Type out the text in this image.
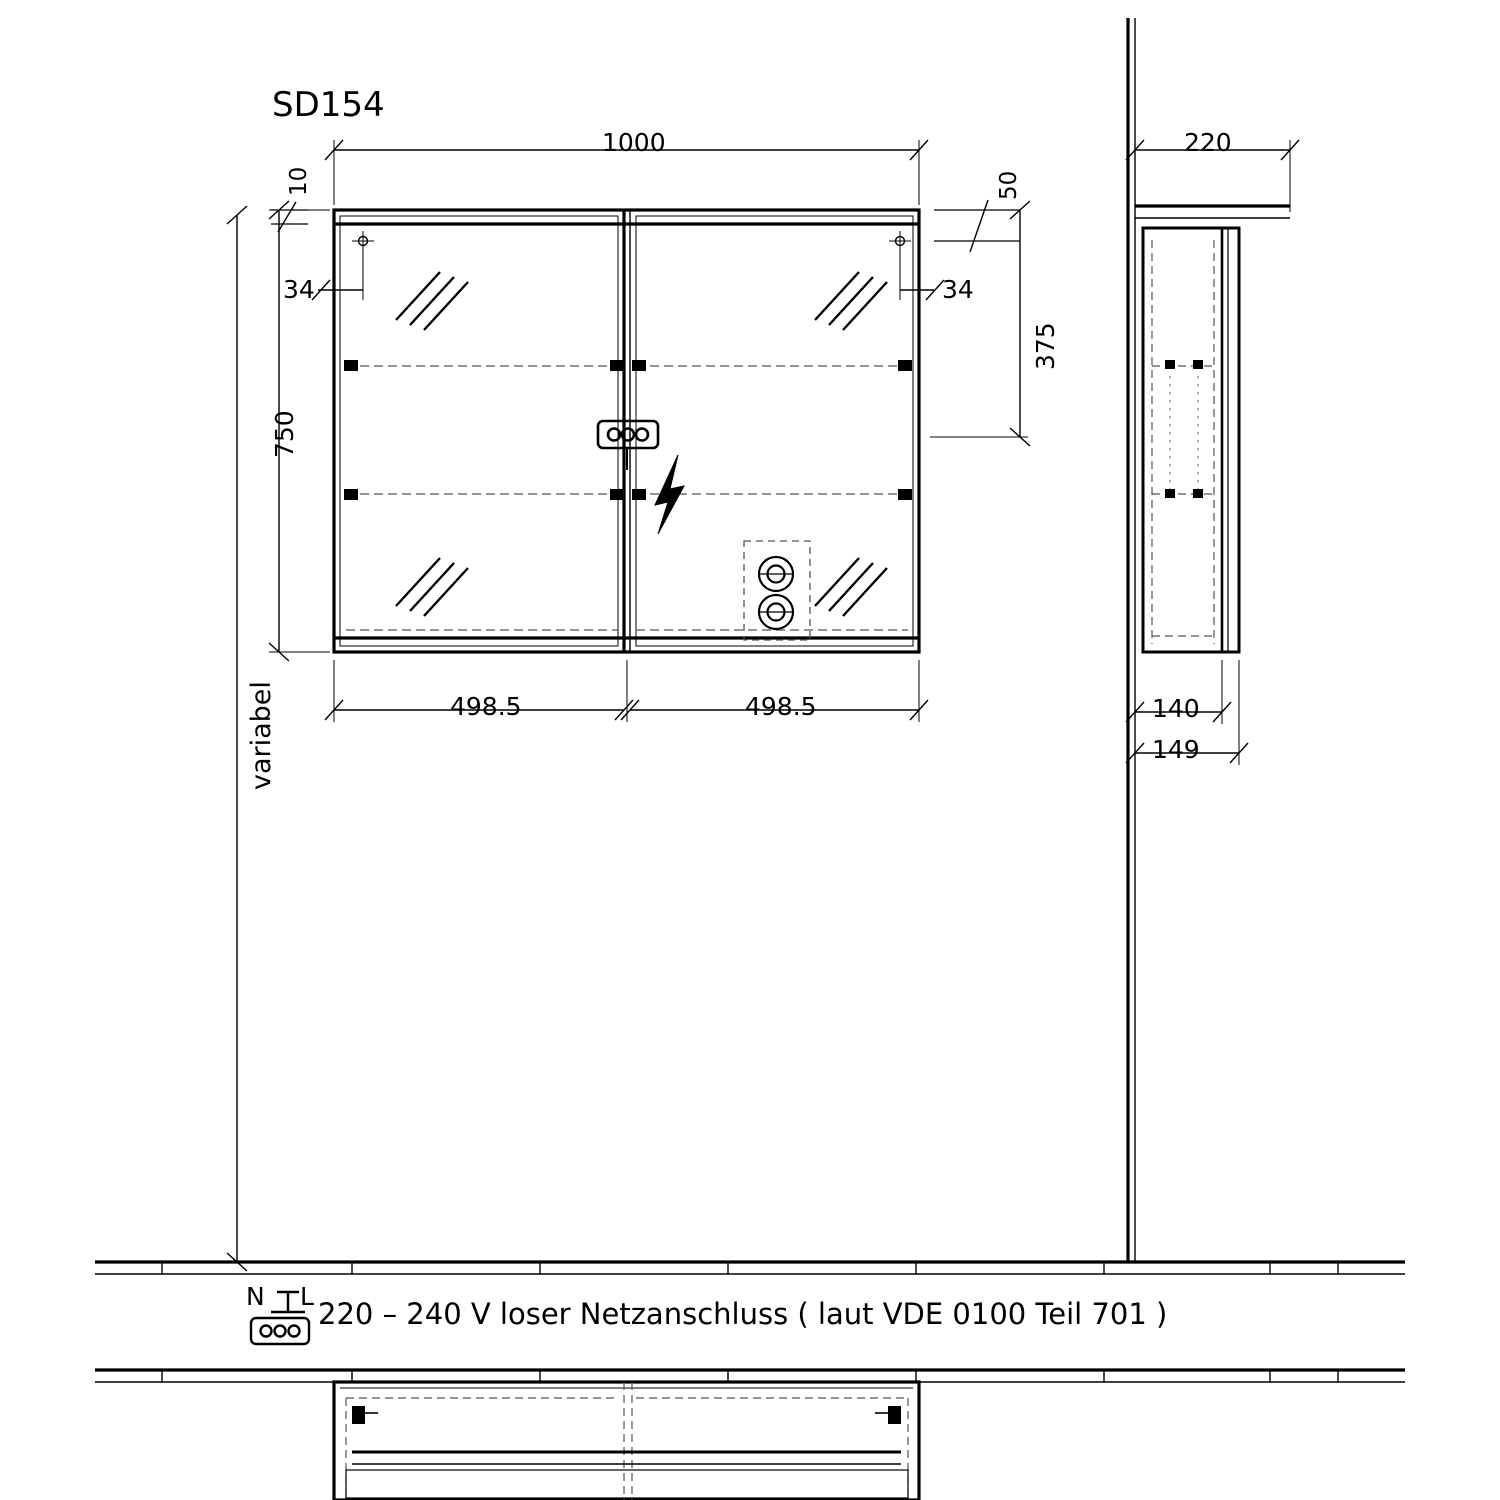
SD154
1000
10	50
34	34
375
750
variabel	498.5	498.5
220
140
149
220 – 240 V loser Netzanschluss ( laut VDE 0100 Teil 701 )
N L
